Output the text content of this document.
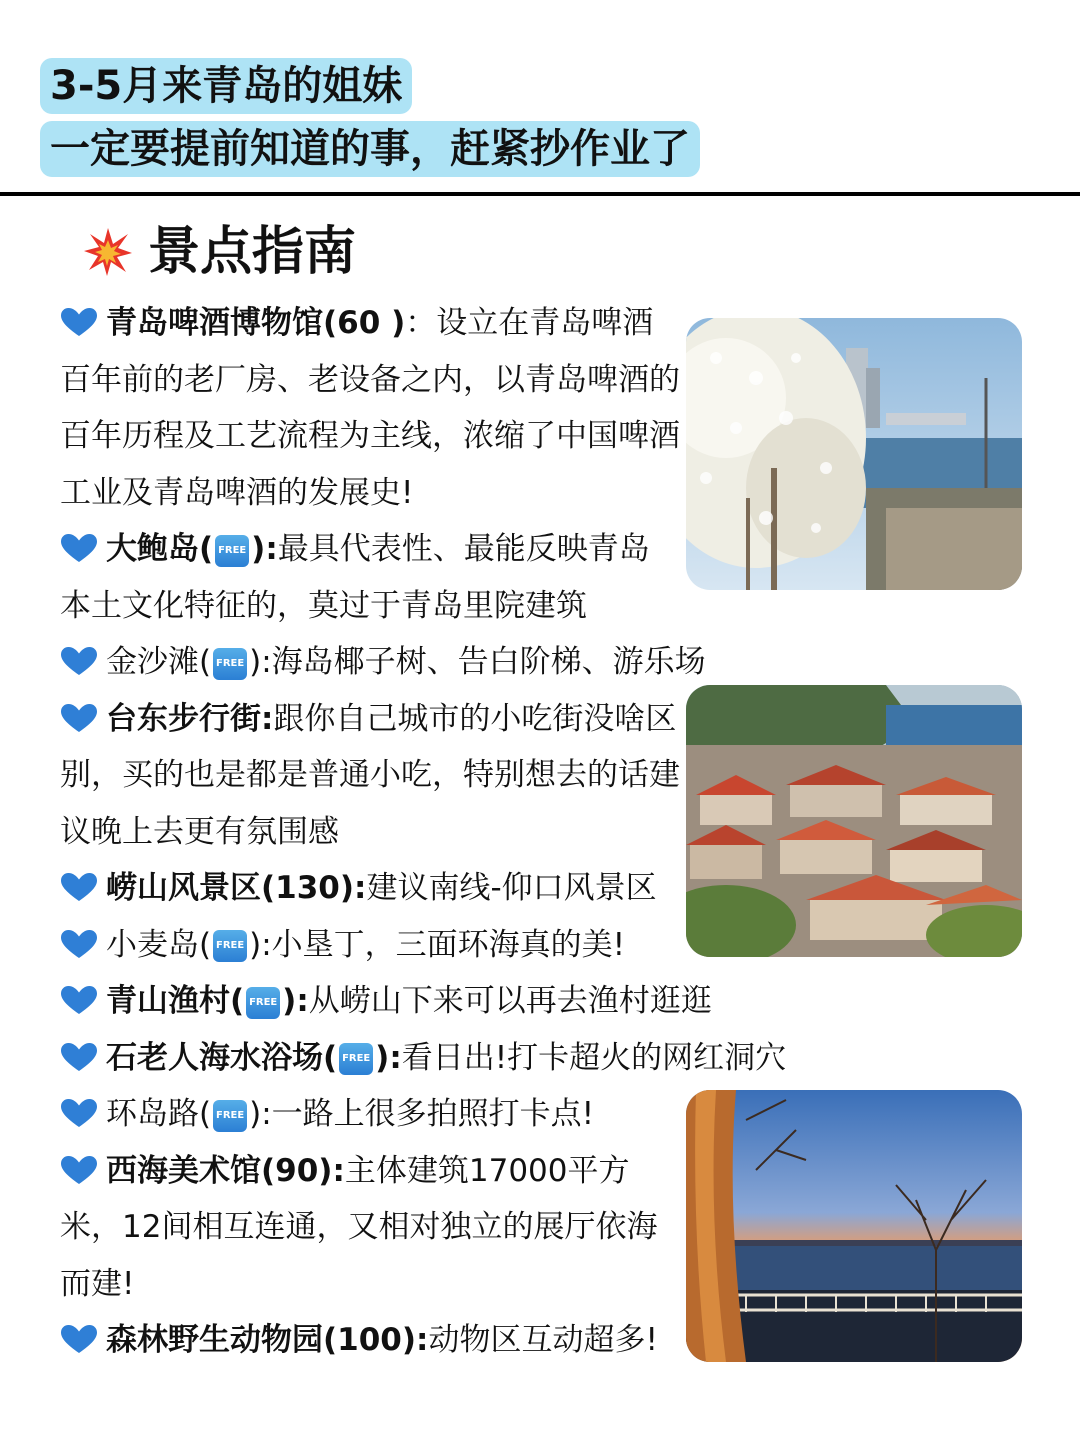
3-5月来青岛的姐妹
一定要提前知道的事，赶紧抄作业了
景点指南

青岛啤酒博物馆(60 )：设立在青岛啤酒百年前的老厂房、老设备之内，以青岛啤酒的百年历程及工艺流程为主线，浓缩了中国啤酒工业及青岛啤酒的发展史!

大鲍岛( FREE ):最具代表性、最能反映青岛本土文化特征的，莫过于青岛里院建筑

金沙滩( FREE ):海岛椰子树、告白阶梯、游乐场

台东步行街:跟你自己城市的小吃街没啥区别，买的也是都是普通小吃，特别想去的话建议晚上去更有氛围感

崂山风景区(130):建议南线-仰口风景区

小麦岛( FREE ):小垦丁，三面环海真的美!

青山渔村( FREE ):从崂山下来可以再去渔村逛逛

石老人海水浴场( FREE ):看日出!打卡超火的网红洞穴

环岛路( FREE ):一路上很多拍照打卡点!

西海美术馆(90):主体建筑17000平方米，12间相互连通，又相对独立的展厅依海而建!

森林野生动物园(100):动物区互动超多!
